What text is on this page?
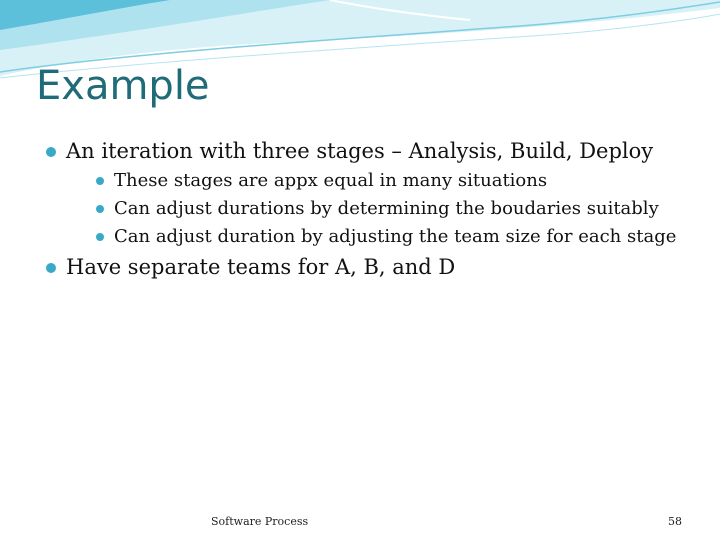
Example
An iteration with three stages – Analysis, Build, Deploy
These stages are appx equal in many situations
Can adjust durations by determining the boudaries suitably
Can adjust duration by adjusting the team size for each stage
Have separate teams for A, B, and D
Software Process	58
